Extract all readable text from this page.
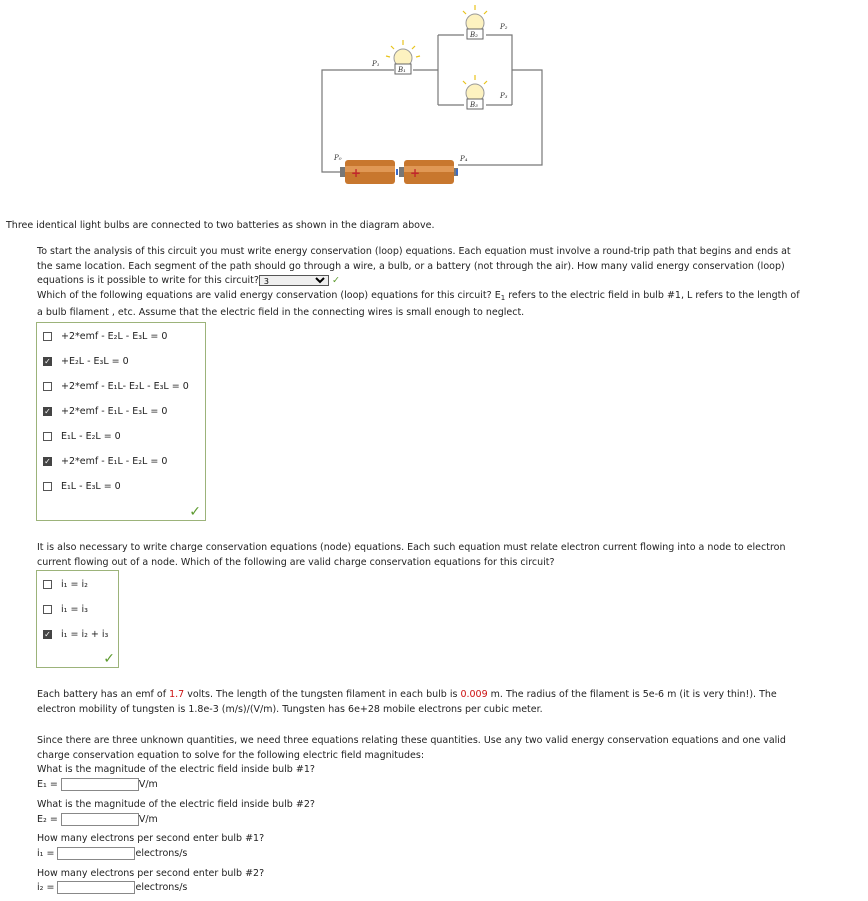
+	+
P₀
P₁
B₁
P₂
B₂
P₃
B₃
P₄
Three identical light bulbs are connected to two batteries as shown in the diagram above.
To start the analysis of this circuit you must write energy conservation (loop) equations. Each equation must involve a round-trip path that begins and ends at
the same location. Each segment of the path should go through a wire, a bulb, or a battery (not through the air). How many valid energy conservation (loop)
equations is it possible to write for this circuit?
3	✓
Which of the following equations are valid energy conservation (loop) equations for this circuit? $E_1$ refers to the electric field in bulb #1, L refers to the length of
a bulb filament , etc. Assume that the electric field in the connecting wires is small enough to neglect.
+2*emf - E₂L - E₃L = 0
✓ +E₂L - E₃L = 0
+2*emf - E₁L- E₂L - E₃L = 0
✓ +2*emf - E₁L - E₃L = 0
E₁L - E₂L = 0
✓ +2*emf - E₁L - E₂L = 0
E₁L - E₃L = 0
✓
It is also necessary to write charge conservation equations (node) equations. Each such equation must relate electron current flowing into a node to electron
current flowing out of a node. Which of the following are valid charge conservation equations for this circuit?
i₁ = i₂
i₁ = i₃
✓ i₁ = i₂ + i₃
✓
Each battery has an emf of 1.7 volts. The length of the tungsten filament in each bulb is 0.009 m. The radius of the filament is 5e-6 m (it is very thin!). The
electron mobility of tungsten is 1.8e-3 (m/s)/(V/m). Tungsten has 6e+28 mobile electrons per cubic meter.
Since there are three unknown quantities, we need three equations relating these quantities. Use any two valid energy conservation equations and one valid
charge conservation equation to solve for the following electric field magnitudes:
What is the magnitude of the electric field inside bulb #1?
E₁ =	V/m
What is the magnitude of the electric field inside bulb #2?
E₂ =	V/m
How many electrons per second enter bulb #1?
i₁ =	electrons/s
How many electrons per second enter bulb #2?
i₂ =	electrons/s
